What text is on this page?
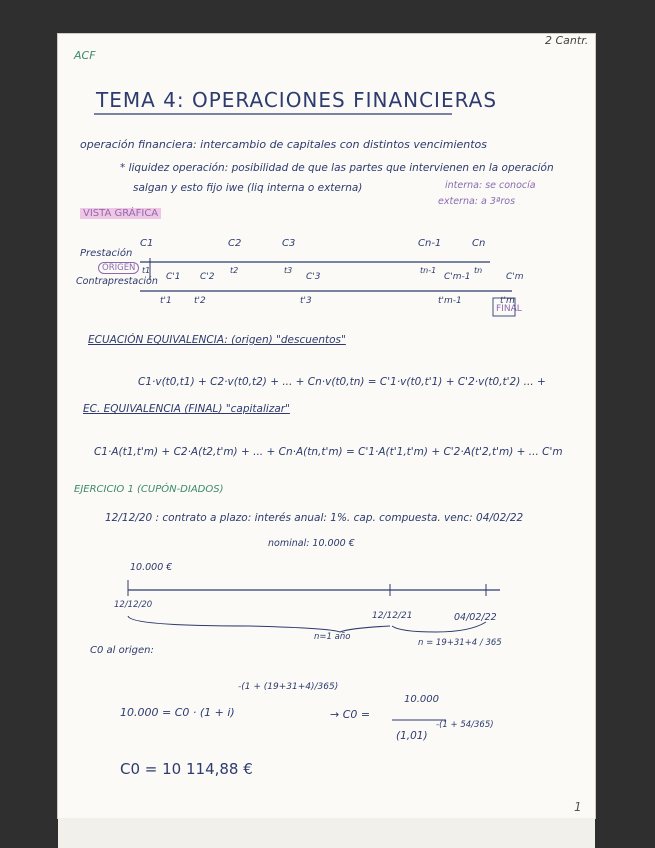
2 Cantr.
ACF
1
TEMA 4: OPERACIONES FINANCIERAS
operación financiera: intercambio de capitales con distintos vencimientos
* liquidez operación: posibilidad de que las partes que intervienen en la operación
salgan y esto fijo iwe (liq interna o externa)	interna: se conocía
externa: a 3ªros
VISTA GRÁFICA
Prestación
Contraprestación
ORIGEN
FINAL
C1	C2	C3	Cn-1	Cn
t1	t2	t3	tn-1	tn
C'1 C'2	C'3	C'm-1	C'm
t'1 t'2	t'3	t'm-1	t'm
ECUACIÓN EQUIVALENCIA: (origen) "descuentos"
C1·v(t0,t1) + C2·v(t0,t2) + ... + Cn·v(t0,tn) = C'1·v(t0,t'1) + C'2·v(t0,t'2) ... +
EC. EQUIVALENCIA (FINAL) "capitalizar"
C1·A(t1,t'm) + C2·A(t2,t'm) + ... + Cn·A(tn,t'm) = C'1·A(t'1,t'm) + C'2·A(t'2,t'm) + ... C'm
EJERCICIO 1 (CUPÓN-DIADOS)
12/12/20 : contrato a plazo: interés anual: 1%. cap. compuesta. venc: 04/02/22
nominal: 10.000 €
10.000 €
12/12/20
12/12/21	04/02/22
n=1 año
n = 19+31+4 / 365
C0 al origen:
-(1 + (19+31+4)/365)
10.000 = C0 · (1 + i)	→ C0 =
10.000
(1,01)
-(1 + 54/365)
C0 = 10 114,88 €
